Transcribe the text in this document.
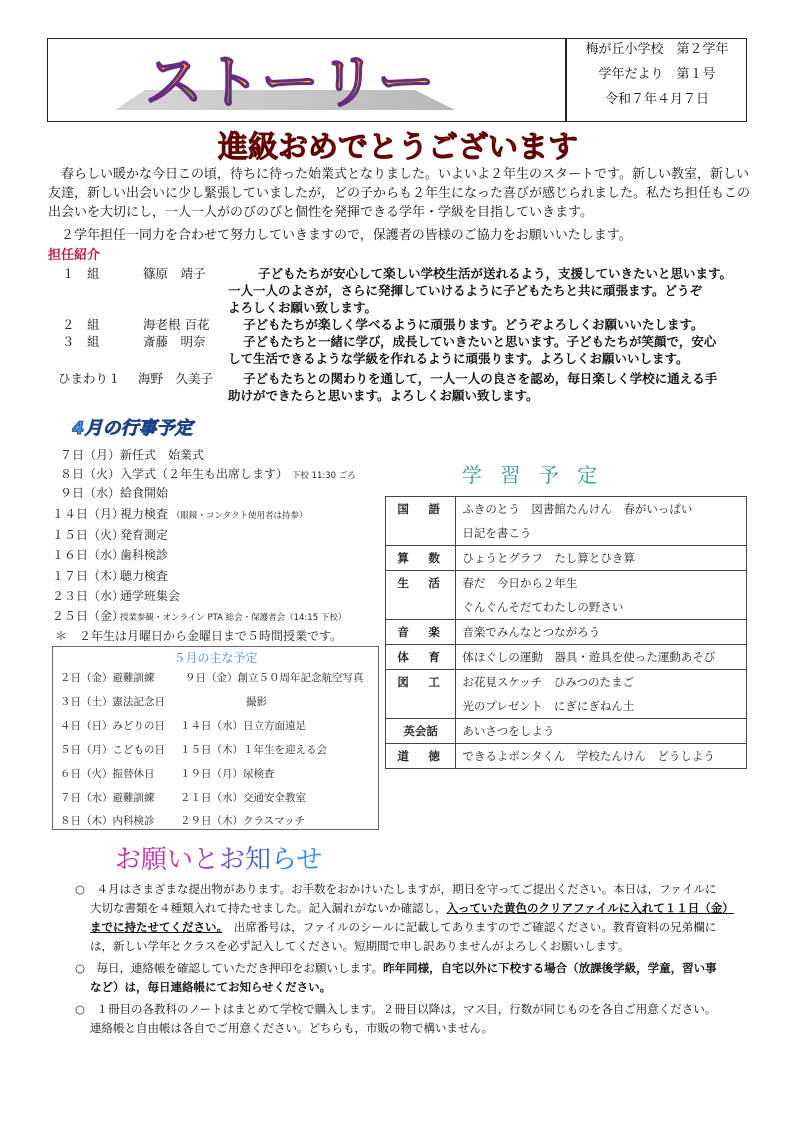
ストーリー	梅が丘小学校　第２学年
学年だより　第１号
令和７年４月７日
進級おめでとうございます
　春らしい暖かな今日この頃，待ちに待った始業式となりました。いよいよ２年生のスタートです。新しい教室，新しい友達，新しい出会いに少し緊張していましたが，どの子からも２年生になった喜びが感じられました。私たち担任もこの出会いを大切にし，一人一人がのびのびと個性を発揮できる学年・学級を目指していきます。
　２学年担任一同力を合わせて努力していきますので，保護者の皆様のご協力をお願いいたします。
担任紹介
１　組	篠原　靖子	子どもたちが安心して楽しい学校生活が送れるよう，支援していきたいと思います。
一人一人のよさが，さらに発揮していけるように子どもたちと共に頑張ます。どうぞ
よろしくお願い致します。
２　組	海老根 百花	子どもたちが楽しく学べるように頑張ります。どうぞよろしくお願いいたします。
３　組	斎藤　明奈	子どもたちと一緒に学び，成長していきたいと思います。子どもたちが笑顔で，安心
して生活できるような学級を作れるように頑張ります。よろしくお願いいします。
ひまわり１ 海野　久美子 子どもたちとの関わりを通して，一人一人の良さを認め，毎日楽しく学校に通える手
助けができたらと思います。よろしくお願い致します。
4月の行事予定
７日（月）新任式　始業式
８日（火）入学式（２年生も出席します） 下校 11:30 ごろ
９日（水）給食開始
１４日（月）視力検査 （眼鏡・コンタクト使用者は持参）
１５日（火）発育測定
１６日（水）歯科検診
１７日（木）聴力検査
２３日（水）通学班集会
２５日（金）授業参観・オンライン PTA 総会・保護者会（14:15 下校）
＊　２年生は月曜日から金曜日まで５時間授業です。
５月の主な予定
２日（金）避難訓練	９日（金）創立５０周年記念航空写真
３日（土）憲法記念日	撮影
４日（日）みどりの日 １４日（水）日立方面遠足
５日（月）こどもの日 １５日（木）１年生を迎える会
６日（火）振替休日 １９日（月）尿検査
７日（水）避難訓練 ２１日（水）交通安全教室
８日（木）内科検診 ２９日（木）クラスマッチ
学 習 予 定
国　語	ふきのとう　図書館たんけん　春がいっぱい
	日記を書こう
算　数	ひょうとグラフ　たし算とひき算
生　活	春だ　今日から２年生
	ぐんぐんそだてわたしの野さい
音　楽	音楽でみんなとつながろう
体　育	体ほぐしの運動　器具・遊具を使った運動あそび
図　工	お花見スケッチ　ひみつのたまご
	光のプレゼント　にぎにぎねん土
英会話	あいさつをしよう
道　徳	できるよポンタくん　学校たんけん　どうしよう
お願いとお知らせ
○　４月はさまざまな提出物があります。お手数をおかけいたしますが，期日を守ってご提出ください。本日は，ファイルに
大切な書類を４種類入れて持たせました。記入漏れがないか確認し，入っていた黄色のクリアファイルに入れて１１日（金）
までに持たせてください。　 出席番号は，ファイルのシールに記載してありますのでご確認ください。教育資料の兄弟欄に
は，新しい学年とクラスを必ず記入してください。短期間で申し訳ありませんがよろしくお願いします。
○　毎日，連絡帳を確認していただき押印をお願いします。昨年同様，自宅以外に下校する場合（放課後学級，学童，習い事
など）は，毎日連絡帳にてお知らせください。
○　１冊目の各教科のノートはまとめて学校で購入します。２冊目以降は，マス目，行数が同じものを各自ご用意ください。
連絡帳と自由帳は各自でご用意ください。どちらも，市販の物で構いません。
